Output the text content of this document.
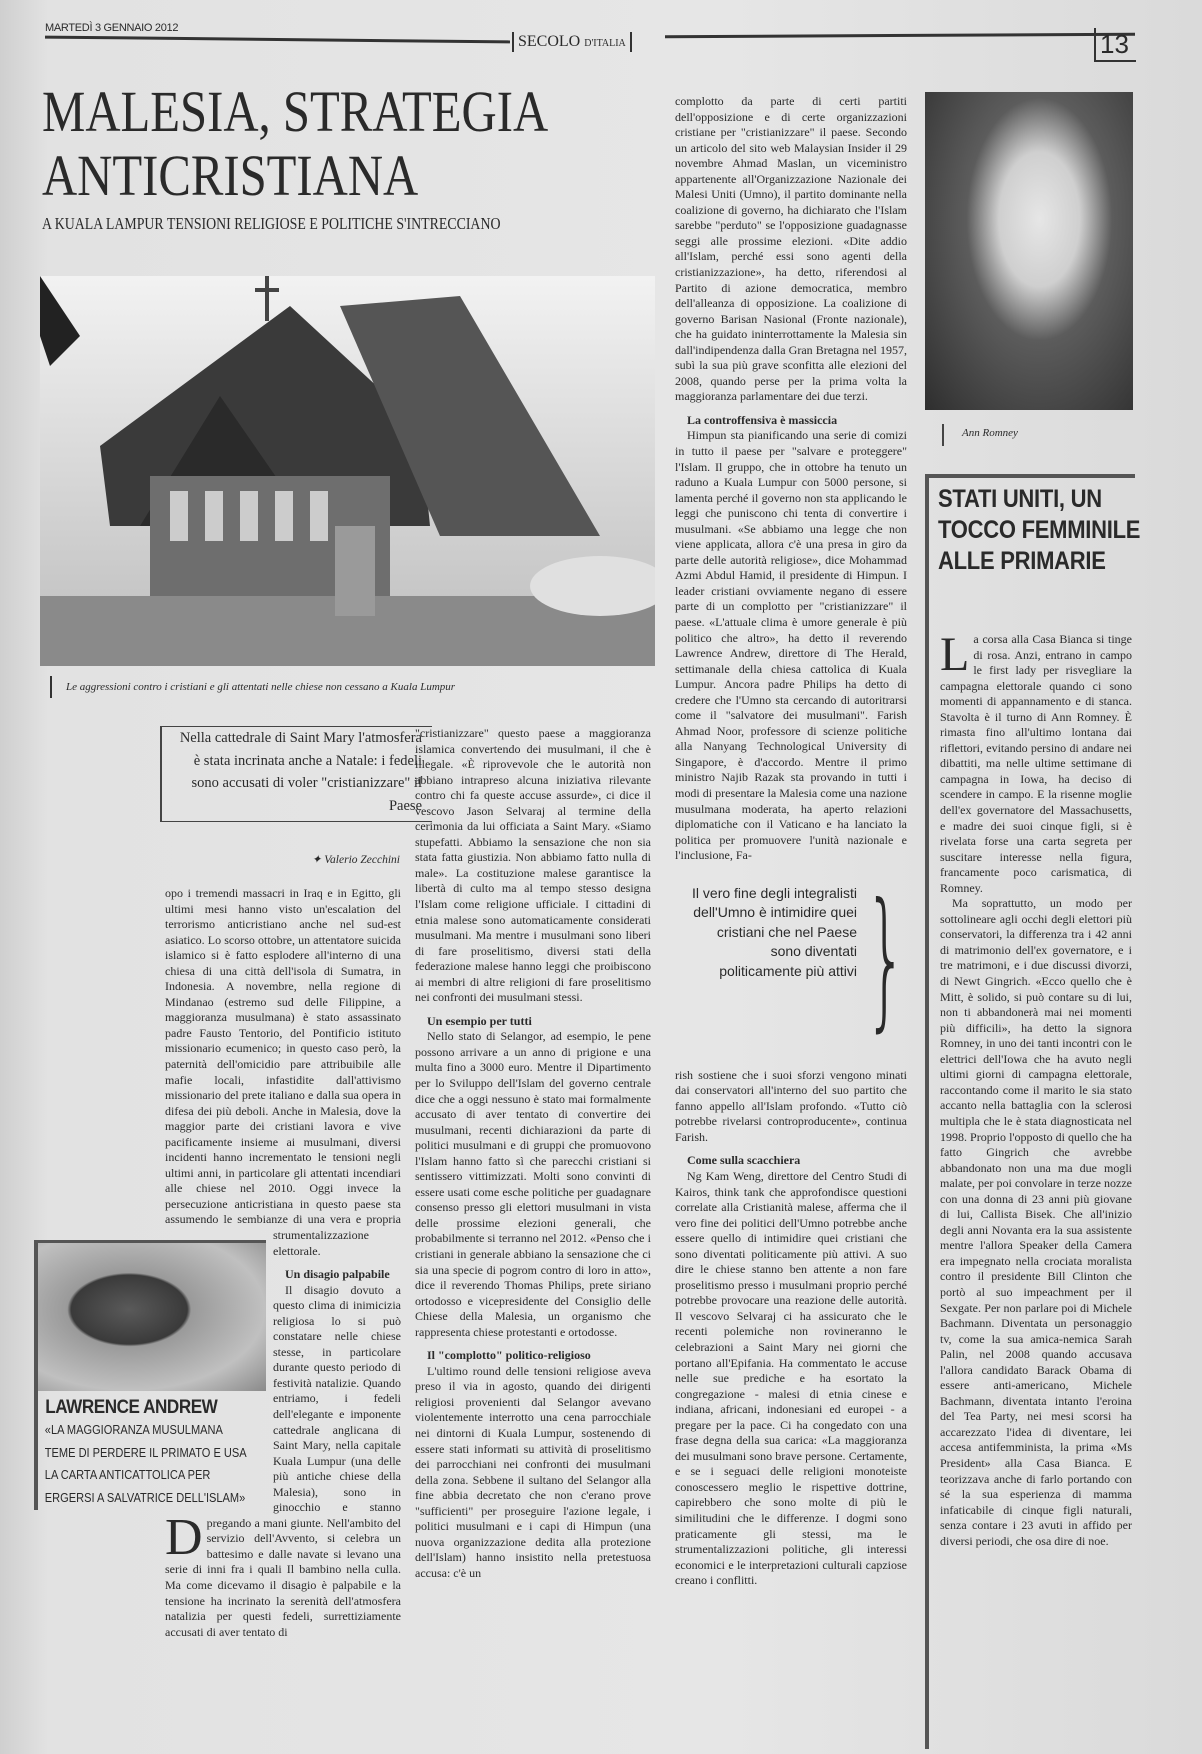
MARTEDÌ 3 GENNAIO 2012
SECOLO D'ITALIA	13
MALESIA, STRATEGIA
ANTICRISTIANA
A KUALA LAMPUR TENSIONI RELIGIOSE E POLITICHE S'INTRECCIANO
Le aggressioni contro i cristiani e gli attentati nelle chiese non cessano a Kuala Lumpur
Nella cattedrale di Saint Mary l'atmosfera è stata incrinata anche a Natale: i fedeli sono accusati di voler "cristianizzare" il Paese
✦ Valerio Zecchini

D
opo i tremendi massacri in Iraq e in Egitto, gli ultimi mesi hanno visto un'escalation del terrorismo anticristiano anche nel sud-est asiatico. Lo scorso ottobre, un attentatore suicida islamico si è fatto esplodere all'interno di una chiesa di una città dell'isola di Sumatra, in Indonesia. A novembre, nella regione di Mindanao (estremo sud delle Filippine, a maggioranza musulmana) è stato assassinato padre Fausto Tentorio, del Pontificio istituto missionario ecumenico; in questo caso però, la paternità dell'omicidio pare attribuibile alle mafie locali, infastidite dall'attivismo missionario del prete italiano e dalla sua opera in difesa dei più deboli. Anche in Malesia, dove la maggior parte dei cristiani lavora e vive pacificamente insieme ai musulmani, diversi incidenti hanno incrementato le tensioni negli ultimi anni, in particolare gli attentati incendiari alle chiese nel 2010. Oggi invece la persecuzione anticristiana in questo paese sta assumendo le sembianze di una vera e propria strumentalizzazione elettorale.

Un disagio palpabile

Il disagio dovuto a questo clima di inimicizia religiosa lo si può constatare nelle chiese stesse, in particolare durante questo periodo di festività natalizie. Quando entriamo, i fedeli dell'elegante e imponente cattedrale anglicana di Saint Mary, nella capitale Kuala Lumpur (una delle più antiche chiese della Malesia), sono in ginocchio e stanno pregando a mani giunte. Nell'ambito del servizio dell'Avvento, si celebra un battesimo e dalle navate si levano una serie di inni fra i quali Il bambino nella culla. Ma come dicevamo il disagio è palpabile e la tensione ha incrinato la serenità dell'atmosfera natalizia per questi fedeli, surrettiziamente accusati di aver tentato di

LAWRENCE ANDREW
«LA MAGGIORANZA MUSULMANA TEME DI PERDERE IL PRIMATO E USA LA CARTA ANTICATTOLICA PER ERGERSI A SALVATRICE DELL'ISLAM»

"cristianizzare" questo paese a maggioranza islamica convertendo dei musulmani, il che è illegale. «È riprovevole che le autorità non abbiano intrapreso alcuna iniziativa rilevante contro chi fa queste accuse assurde», ci dice il vescovo Jason Selvaraj al termine della cerimonia da lui officiata a Saint Mary. «Siamo stupefatti. Abbiamo la sensazione che non sia stata fatta giustizia. Non abbiamo fatto nulla di male». La costituzione malese garantisce la libertà di culto ma al tempo stesso designa l'Islam come religione ufficiale. I cittadini di etnia malese sono automaticamente considerati musulmani. Ma mentre i musulmani sono liberi di fare proselitismo, diversi stati della federazione malese hanno leggi che proibiscono ai membri di altre religioni di fare proselitismo nei confronti dei musulmani stessi.

Un esempio per tutti

Nello stato di Selangor, ad esempio, le pene possono arrivare a un anno di prigione e una multa fino a 3000 euro. Mentre il Dipartimento per lo Sviluppo dell'Islam del governo centrale dice che a oggi nessuno è stato mai formalmente accusato di aver tentato di convertire dei musulmani, recenti dichiarazioni da parte di politici musulmani e di gruppi che promuovono l'Islam hanno fatto sì che parecchi cristiani si sentissero vittimizzati. Molti sono convinti di essere usati come esche politiche per guadagnare consenso presso gli elettori musulmani in vista delle prossime elezioni generali, che probabilmente si terranno nel 2012. «Penso che i cristiani in generale abbiano la sensazione che ci sia una specie di pogrom contro di loro in atto», dice il reverendo Thomas Philips, prete siriano ortodosso e vicepresidente del Consiglio delle Chiese della Malesia, un organismo che rappresenta chiese protestanti e ortodosse.

Il "complotto" politico-religioso

L'ultimo round delle tensioni religiose aveva preso il via in agosto, quando dei dirigenti religiosi provenienti dal Selangor avevano violentemente interrotto una cena parrocchiale nei dintorni di Kuala Lumpur, sostenendo di essere stati informati su attività di proselitismo dei parrocchiani nei confronti dei musulmani della zona. Sebbene il sultano del Selangor alla fine abbia decretato che non c'erano prove "sufficienti" per proseguire l'azione legale, i politici musulmani e i capi di Himpun (una nuova organizzazione dedita alla protezione dell'Islam) hanno insistito nella pretestuosa accusa: c'è un

complotto da parte di certi partiti dell'opposizione e di certe organizzazioni cristiane per "cristianizzare" il paese. Secondo un articolo del sito web Malaysian Insider il 29 novembre Ahmad Maslan, un viceministro appartenente all'Organizzazione Nazionale dei Malesi Uniti (Umno), il partito dominante nella coalizione di governo, ha dichiarato che l'Islam sarebbe "perduto" se l'opposizione guadagnasse seggi alle prossime elezioni. «Dite addio all'Islam, perché essi sono agenti della cristianizzazione», ha detto, riferendosi al Partito di azione democratica, membro dell'alleanza di opposizione. La coalizione di governo Barisan Nasional (Fronte nazionale), che ha guidato ininterrottamente la Malesia sin dall'indipendenza dalla Gran Bretagna nel 1957, subì la sua più grave sconfitta alle elezioni del 2008, quando perse per la prima volta la maggioranza parlamentare dei due terzi.

La controffensiva è massiccia

Himpun sta pianificando una serie di comizi in tutto il paese per "salvare e proteggere" l'Islam. Il gruppo, che in ottobre ha tenuto un raduno a Kuala Lumpur con 5000 persone, si lamenta perché il governo non sta applicando le leggi che puniscono chi tenta di convertire i musulmani. «Se abbiamo una legge che non viene applicata, allora c'è una presa in giro da parte delle autorità religiose», dice Mohammad Azmi Abdul Hamid, il presidente di Himpun. I leader cristiani ovviamente negano di essere parte di un complotto per "cristianizzare" il paese. «L'attuale clima è umore generale è più politico che altro», ha detto il reverendo Lawrence Andrew, direttore di The Herald, settimanale della chiesa cattolica di Kuala Lumpur. Ancora padre Philips ha detto di credere che l'Umno sta cercando di autoritrarsi come il "salvatore dei musulmani". Farish Ahmad Noor, professore di scienze politiche alla Nanyang Technological University di Singapore, è d'accordo. Mentre il primo ministro Najib Razak sta provando in tutti i modi di presentare la Malesia come una nazione musulmana moderata, ha aperto relazioni diplomatiche con il Vaticano e ha lanciato la politica per promuovere l'unità nazionale e l'inclusione, Fa-

Il vero fine degli integralisti dell'Umno è intimidire quei cristiani che nel Paese sono diventati politicamente più attivi }

rish sostiene che i suoi sforzi vengono minati dai conservatori all'interno del suo partito che fanno appello all'Islam profondo. «Tutto ciò potrebbe rivelarsi controproducente», continua Farish.

Come sulla scacchiera

Ng Kam Weng, direttore del Centro Studi di Kairos, think tank che approfondisce questioni correlate alla Cristianità malese, afferma che il vero fine dei politici dell'Umno potrebbe anche essere quello di intimidire quei cristiani che sono diventati politicamente più attivi. A suo dire le chiese stanno ben attente a non fare proselitismo presso i musulmani proprio perché potrebbe provocare una reazione delle autorità. Il vescovo Selvaraj ci ha assicurato che le recenti polemiche non rovineranno le celebrazioni a Saint Mary nei giorni che portano all'Epifania. Ha commentato le accuse nelle sue prediche e ha esortato la congregazione - malesi di etnia cinese e indiana, africani, indonesiani ed europei - a pregare per la pace. Ci ha congedato con una frase degna della sua carica: «La maggioranza dei musulmani sono brave persone. Certamente, e se i seguaci delle religioni monoteiste conoscessero meglio le rispettive dottrine, capirebbero che sono molte di più le similitudini che le differenze. I dogmi sono praticamente gli stessi, ma le strumentalizzazioni politiche, gli interessi economici e le interpretazioni culturali capziose creano i conflitti.

Ann Romney
STATI UNITI, UN TOCCO FEMMINILE ALLE PRIMARIE

La corsa alla Casa Bianca si tinge di rosa. Anzi, entrano in campo le first lady per risvegliare la campagna elettorale quando ci sono momenti di appannamento e di stanca. Stavolta è il turno di Ann Romney. È rimasta fino all'ultimo lontana dai riflettori, evitando persino di andare nei dibattiti, ma nelle ultime settimane di campagna in Iowa, ha deciso di scendere in campo. E la risenne moglie dell'ex governatore del Massachusetts, e madre dei suoi cinque figli, si è rivelata forse una carta segreta per suscitare interesse nella figura, francamente poco carismatica, di Romney.

Ma soprattutto, un modo per sottolineare agli occhi degli elettori più conservatori, la differenza tra i 42 anni di matrimonio dell'ex governatore, e i tre matrimoni, e i due discussi divorzi, di Newt Gingrich. «Ecco quello che è Mitt, è solido, si può contare su di lui, non ti abbandonerà mai nei momenti più difficili», ha detto la signora Romney, in uno dei tanti incontri con le elettrici dell'Iowa che ha avuto negli ultimi giorni di campagna elettorale, raccontando come il marito le sia stato accanto nella battaglia con la sclerosi multipla che le è stata diagnosticata nel 1998. Proprio l'opposto di quello che ha fatto Gingrich che avrebbe abbandonato non una ma due mogli malate, per poi convolare in terze nozze con una donna di 23 anni più giovane di lui, Callista Bisek. Che all'inizio degli anni Novanta era la sua assistente mentre l'allora Speaker della Camera era impegnato nella crociata moralista contro il presidente Bill Clinton che portò al suo impeachment per il Sexgate. Per non parlare poi di Michele Bachmann. Diventata un personaggio tv, come la sua amica-nemica Sarah Palin, nel 2008 quando accusava l'allora candidato Barack Obama di essere anti-americano, Michele Bachmann, diventata intanto l'eroina del Tea Party, nei mesi scorsi ha accarezzato l'idea di diventare, lei accesa antifemminista, la prima «Ms President» alla Casa Bianca. E teorizzava anche di farlo portando con sé la sua esperienza di mamma infaticabile di cinque figli naturali, senza contare i 23 avuti in affido per diversi periodi, che osa dire di noe.
